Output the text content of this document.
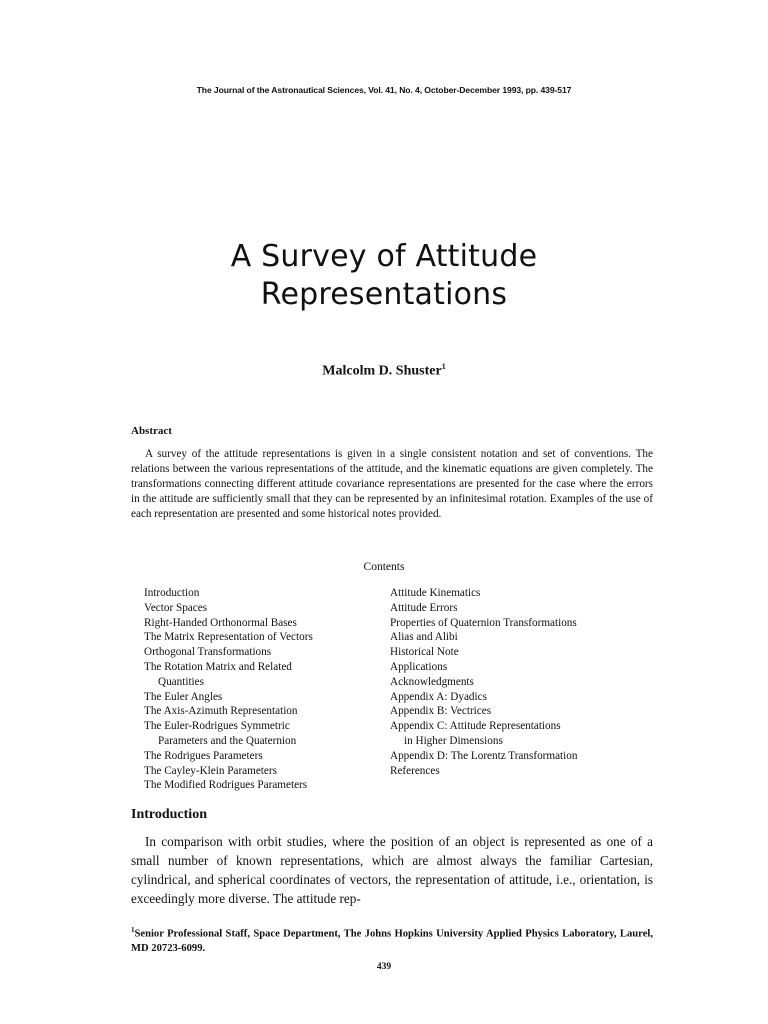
The Journal of the Astronautical Sciences, Vol. 41, No. 4, October-December 1993, pp. 439-517
A Survey of Attitude
Representations
Malcolm D. Shuster$^1$
Abstract

A survey of the attitude representations is given in a single consistent notation and set of conventions. The relations between the various representations of the attitude, and the kinematic equations are given completely. The transformations connecting different attitude covariance representations are presented for the case where the errors in the attitude are sufficiently small that they can be represented by an infinitesimal rotation. Examples of the use of each representation are presented and some historical notes provided.

Contents
Introduction
Vector Spaces
Right-Handed Orthonormal Bases
The Matrix Representation of Vectors
Orthogonal Transformations
The Rotation Matrix and Related
Quantities
The Euler Angles
The Axis-Azimuth Representation
The Euler-Rodrigues Symmetric
Parameters and the Quaternion
The Rodrigues Parameters
The Cayley-Klein Parameters
The Modified Rodrigues Parameters
Attitude Kinematics
Attitude Errors
Properties of Quaternion Transformations
Alias and Alibi
Historical Note
Applications
Acknowledgments
Appendix A: Dyadics
Appendix B: Vectrices
Appendix C: Attitude Representations
in Higher Dimensions
Appendix D: The Lorentz Transformation
References
Introduction

In comparison with orbit studies, where the position of an object is represented as one of a small number of known representations, which are almost always the familiar Cartesian, cylindrical, and spherical coordinates of vectors, the representation of attitude, i.e., orientation, is exceedingly more diverse. The attitude rep-

$^1$Senior Professional Staff, Space Department, The Johns Hopkins University Applied Physics Laboratory, Laurel, MD 20723-6099.

439
